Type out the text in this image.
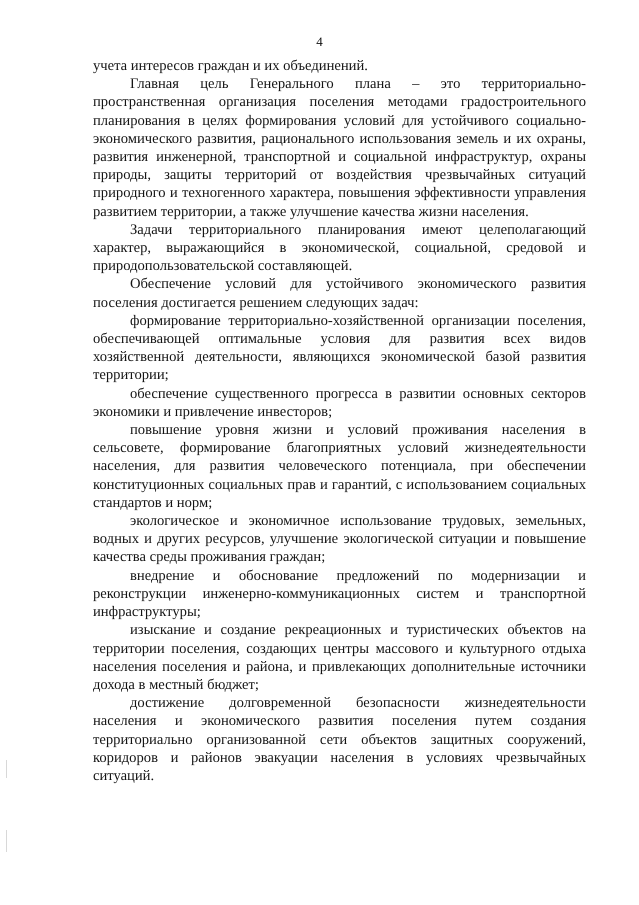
4

учета интересов граждан и их объединений.

Главная цель Генерального плана – это территориально-пространственная организация поселения методами градостроительного планирования в целях формирования условий для устойчивого социально-экономического развития, рационального использования земель и их охраны, развития инженерной, транспортной и социальной инфраструктур, охраны природы, защиты территорий от воздействия чрезвычайных ситуаций природного и техногенного характера, повышения эффективности управления развитием территории, а также улучшение качества жизни населения.

Задачи территориального планирования имеют целеполагающий характер, выражающийся в экономической, социальной, средовой и природопользовательской составляющей.

Обеспечение условий для устойчивого экономического развития поселения достигается решением следующих задач:

формирование территориально-хозяйственной организации поселения, обеспечивающей оптимальные условия для развития всех видов хозяйственной деятельности, являющихся экономической базой развития территории;

обеспечение существенного прогресса в развитии основных секторов экономики и привлечение инвесторов;

повышение уровня жизни и условий проживания населения в сельсовете, формирование благоприятных условий жизнедеятельности населения, для развития человеческого потенциала, при обеспечении конституционных социальных прав и гарантий, с использованием социальных стандартов и норм;

экологическое и экономичное использование трудовых, земельных, водных и других ресурсов, улучшение экологической ситуации и повышение качества среды проживания граждан;

внедрение и обоснование предложений по модернизации и реконструкции инженерно-коммуникационных систем и транспортной инфраструктуры;

изыскание и создание рекреационных и туристических объектов на территории поселения, создающих центры массового и культурного отдыха населения поселения и района, и привлекающих дополнительные источники дохода в местный бюджет;

достижение долговременной безопасности жизнедеятельности населения и экономического развития поселения путем создания территориально организованной сети объектов защитных сооружений, коридоров и районов эвакуации населения в условиях чрезвычайных ситуаций.
